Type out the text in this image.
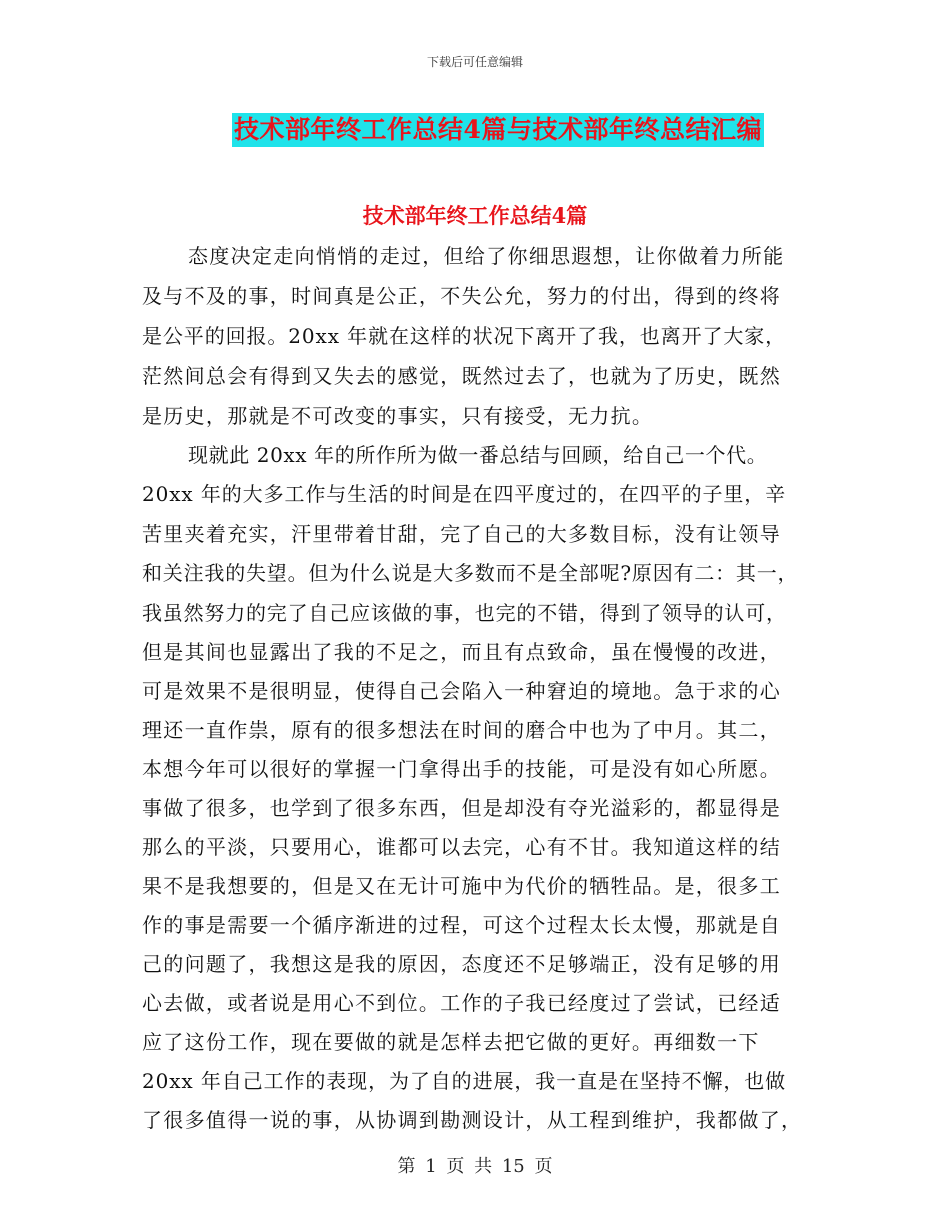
下载后可任意编辑
技术部年终工作总结4篇与技术部年终总结汇编
技术部年终工作总结4篇
态度决定走向悄悄的走过，但给了你细思遐想，让你做着力所能
及与不及的事，时间真是公正，不失公允，努力的付出，得到的终将
是公平的回报。20xx 年就在这样的状况下离开了我，也离开了大家，
茫然间总会有得到又失去的感觉，既然过去了，也就为了历史，既然
是历史，那就是不可改变的事实，只有接受，无力抗。
现就此 20xx 年的所作所为做一番总结与回顾，给自己一个代。
20xx 年的大多工作与生活的时间是在四平度过的，在四平的子里，辛
苦里夹着充实，汗里带着甘甜，完了自己的大多数目标，没有让领导
和关注我的失望。但为什么说是大多数而不是全部呢?原因有二：其一，
我虽然努力的完了自己应该做的事，也完的不错，得到了领导的认可，
但是其间也显露出了我的不足之，而且有点致命，虽在慢慢的改进，
可是效果不是很明显，使得自己会陷入一种窘迫的境地。急于求的心
理还一直作祟，原有的很多想法在时间的磨合中也为了中月。其二，
本想今年可以很好的掌握一门拿得出手的技能，可是没有如心所愿。
事做了很多，也学到了很多东西，但是却没有夺光溢彩的，都显得是
那么的平淡，只要用心，谁都可以去完，心有不甘。我知道这样的结
果不是我想要的，但是又在无计可施中为代价的牺牲品。是，很多工
作的事是需要一个循序渐进的过程，可这个过程太长太慢，那就是自
己的问题了，我想这是我的原因，态度还不足够端正，没有足够的用
心去做，或者说是用心不到位。工作的子我已经度过了尝试，已经适
应了这份工作，现在要做的就是怎样去把它做的更好。再细数一下
20xx 年自己工作的表现，为了自的进展，我一直是在坚持不懈，也做
了很多值得一说的事，从协调到勘测设计，从工程到维护，我都做了，
第 1 页 共 15 页
